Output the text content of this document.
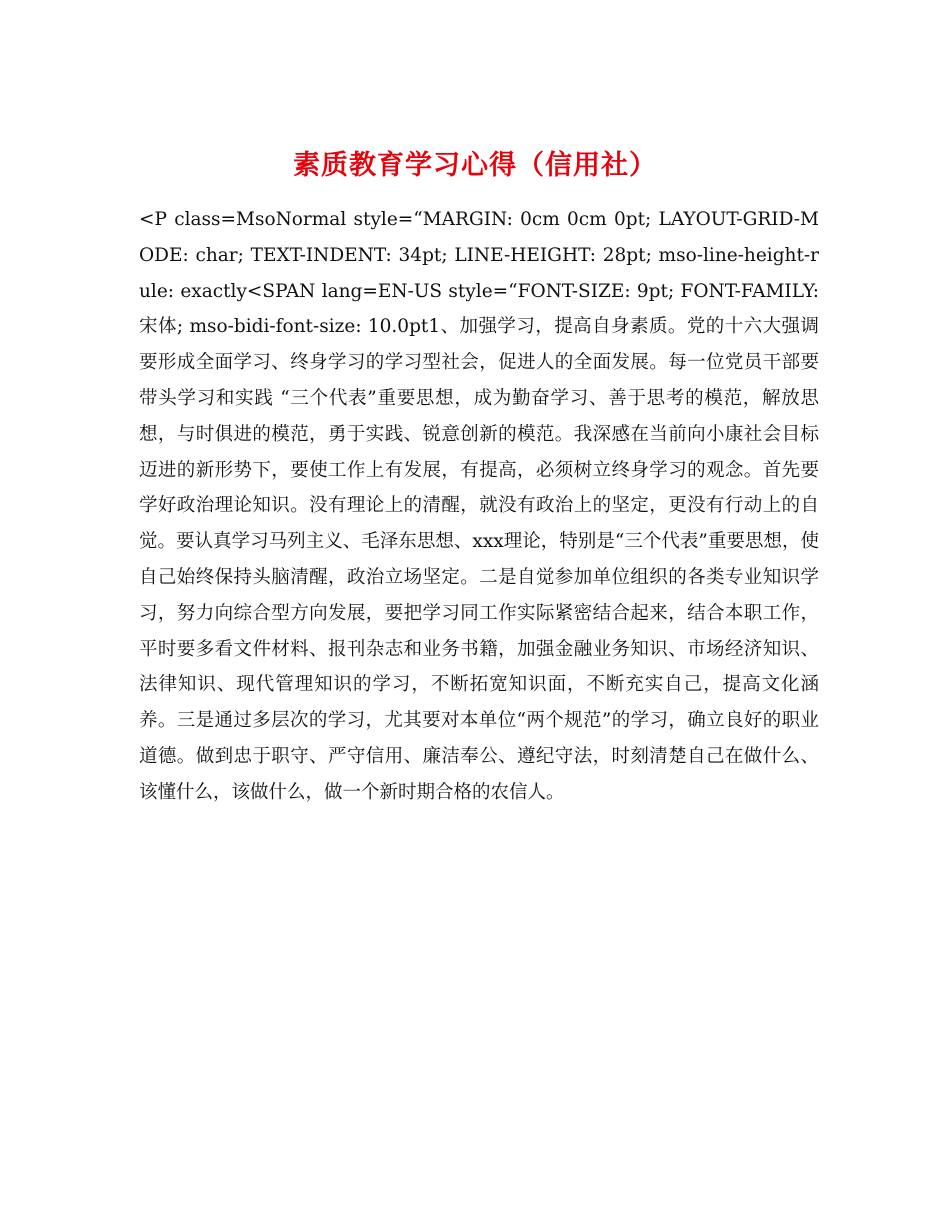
素质教育学习心得（信用社）

<P class=MsoNormal style=“MARGIN: 0cm 0cm 0pt; LAYOUT-GRID-MODE: char; TEXT-INDENT: 34pt; LINE-HEIGHT: 28pt; mso-line-height-rule: exactly<SPAN lang=EN-US style=“FONT-SIZE: 9pt; FONT-FAMILY: 宋体; mso-bidi-font-size: 10.0pt1、加强学习，提高自身素质。党的十六大强调要形成全面学习、终身学习的学习型社会，促进人的全面发展。每一位党员干部要带头学习和实践 “三个代表”重要思想，成为勤奋学习、善于思考的模范，解放思想，与时俱进的模范，勇于实践、锐意创新的模范。我深感在当前向小康社会目标迈进的新形势下，要使工作上有发展，有提高，必须树立终身学习的观念。首先要学好政治理论知识。没有理论上的清醒，就没有政治上的坚定，更没有行动上的自觉。要认真学习马列主义、毛泽东思想、xxx理论，特别是“三个代表”重要思想，使自己始终保持头脑清醒，政治立场坚定。二是自觉参加单位组织的各类专业知识学习，努力向综合型方向发展，要把学习同工作实际紧密结合起来，结合本职工作，平时要多看文件材料、报刊杂志和业务书籍，加强金融业务知识、市场经济知识、法律知识、现代管理知识的学习，不断拓宽知识面，不断充实自己，提高文化涵养。三是通过多层次的学习，尤其要对本单位“两个规范”的学习，确立良好的职业道德。做到忠于职守、严守信用、廉洁奉公、遵纪守法，时刻清楚自己在做什么、该懂什么，该做什么，做一个新时期合格的农信人。
